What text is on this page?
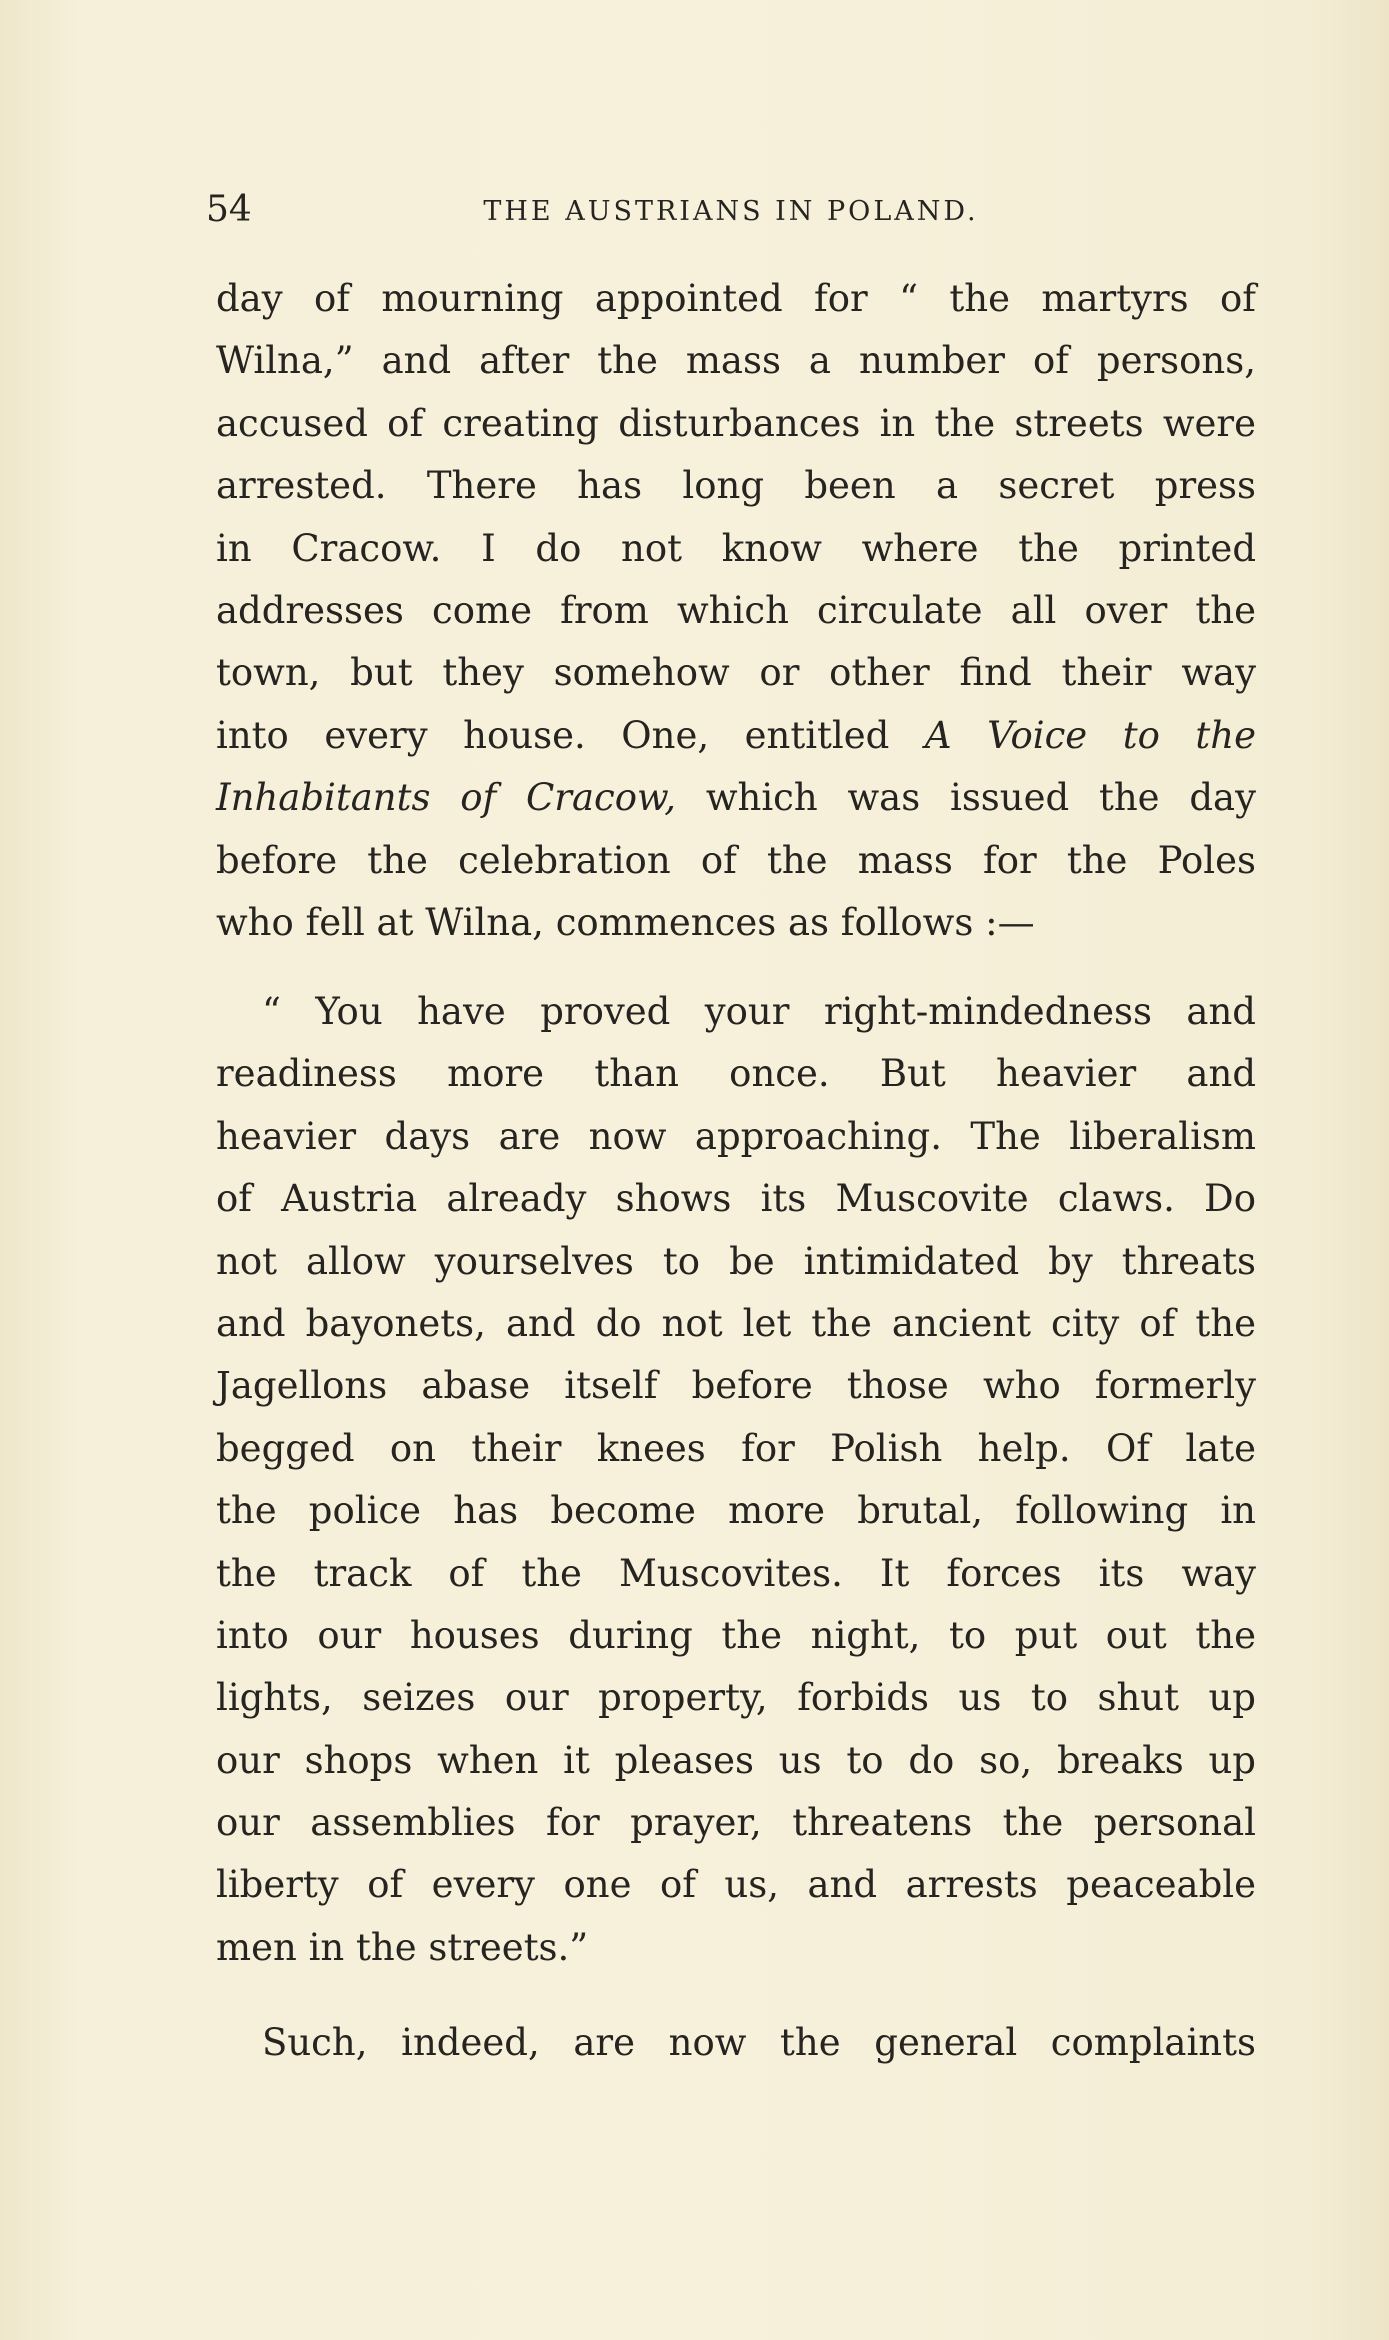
54	THE AUSTRIANS IN POLAND.
day of mourning appointed for “ the martyrs of
Wilna,” and after the mass a number of persons,
accused of creating disturbances in the streets were
arrested. There has long been a secret press
in Cracow. I do not know where the printed
addresses come from which circulate all over the
town, but they somehow or other find their way
into every house. One, entitled A Voice to the
Inhabitants of Cracow, which was issued the day
before the celebration of the mass for the Poles
who fell at Wilna, commences as follows :—
“ You have proved your right-mindedness and
readiness more than once. But heavier and
heavier days are now approaching. The liberalism
of Austria already shows its Muscovite claws. Do
not allow yourselves to be intimidated by threats
and bayonets, and do not let the ancient city of the
Jagellons abase itself before those who formerly
begged on their knees for Polish help. Of late
the police has become more brutal, following in
the track of the Muscovites. It forces its way
into our houses during the night, to put out the
lights, seizes our property, forbids us to shut up
our shops when it pleases us to do so, breaks up
our assemblies for prayer, threatens the personal
liberty of every one of us, and arrests peaceable
men in the streets.”
Such, indeed, are now the general complaints
